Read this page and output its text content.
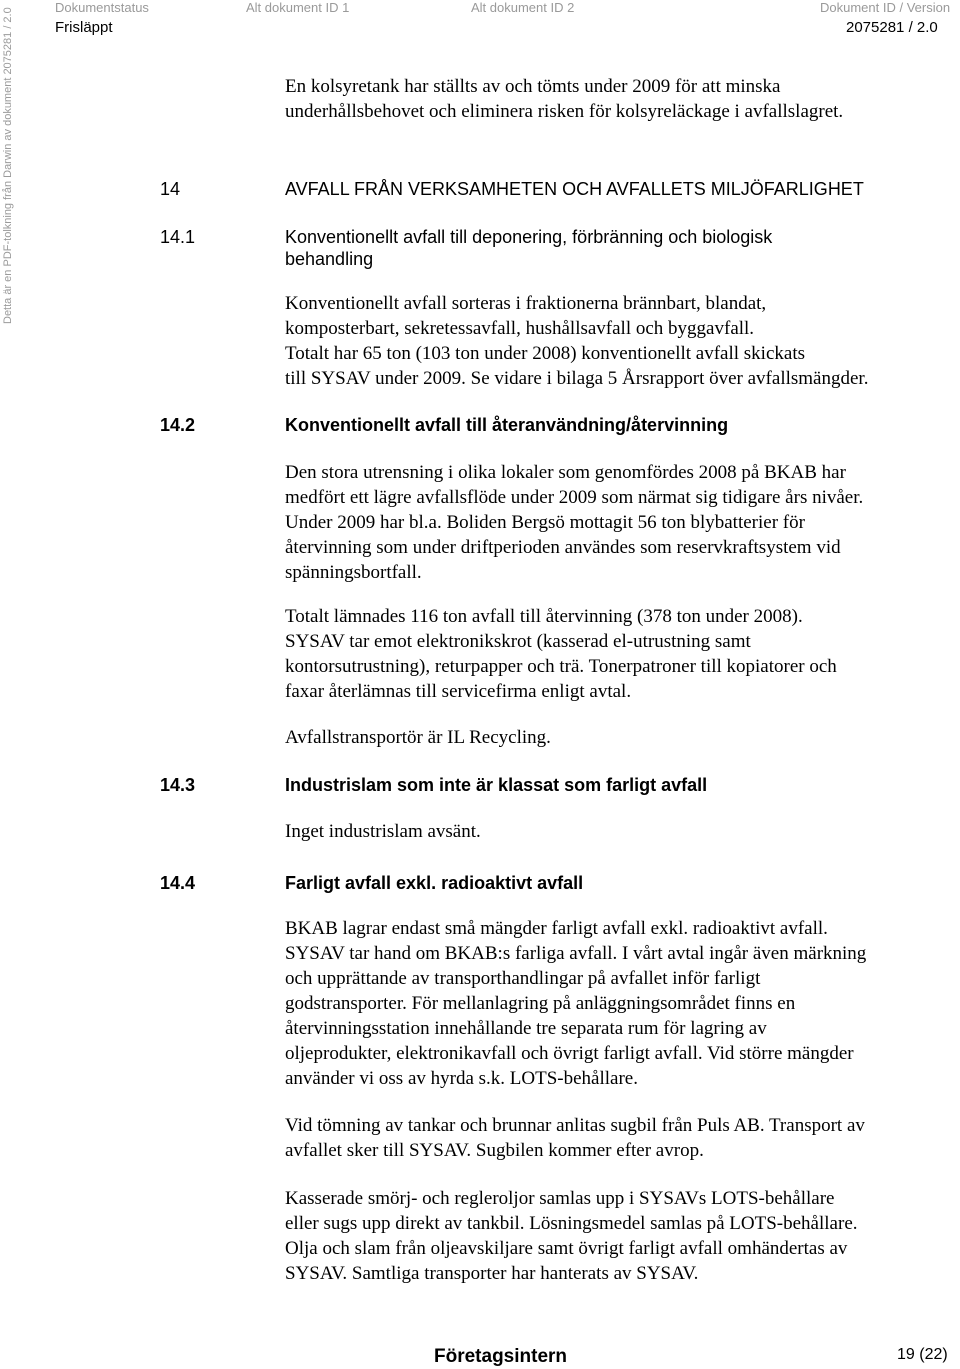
Dokumentstatus	Alt dokument ID 1	Alt dokument ID 2	Dokument ID / Version
Frisläppt	2075281 / 2.0
Detta är en PDF-tolkning från Darwin av dokument 2075281 / 2.0	En kolsyretank har ställts av och tömts under 2009 för att minska

underhållsbehovet och eliminera risken för kolsyreläckage i avfallslagret.

14	AVFALL FRÅN VERKSAMHETEN OCH AVFALLETS MILJÖFARLIGHET
14.1	Konventionellt avfall till deponering, förbränning och biologisk
behandling

Konventionellt avfall sorteras i fraktionerna brännbart, blandat,

komposterbart, sekretessavfall, hushållsavfall och byggavfall.

Totalt har 65 ton (103 ton under 2008) konventionellt avfall skickats

till SYSAV under 2009. Se vidare i bilaga 5 Årsrapport över avfallsmängder.

14.2	Konventionellt avfall till återanvändning/återvinning

Den stora utrensning i olika lokaler som genomfördes 2008 på BKAB har

medfört ett lägre avfallsflöde under 2009 som närmat sig tidigare års nivåer.

Under 2009 har bl.a. Boliden Bergsö mottagit 56 ton blybatterier för

återvinning som under driftperioden användes som reservkraftsystem vid

spänningsbortfall.

Totalt lämnades 116 ton avfall till återvinning (378 ton under 2008).

SYSAV tar emot elektronikskrot (kasserad el-utrustning samt

kontorsutrustning), returpapper och trä. Tonerpatroner till kopiatorer och

faxar återlämnas till servicefirma enligt avtal.

Avfallstransportör är IL Recycling.

14.3	Industrislam som inte är klassat som farligt avfall

Inget industrislam avsänt.

14.4	Farligt avfall exkl. radioaktivt avfall

BKAB lagrar endast små mängder farligt avfall exkl. radioaktivt avfall.

SYSAV tar hand om BKAB:s farliga avfall. I vårt avtal ingår även märkning

och upprättande av transporthandlingar på avfallet inför farligt

godstransporter. För mellanlagring på anläggningsområdet finns en

återvinningsstation innehållande tre separata rum för lagring av

oljeprodukter, elektronikavfall och övrigt farligt avfall. Vid större mängder

använder vi oss av hyrda s.k. LOTS-behållare.

Vid tömning av tankar och brunnar anlitas sugbil från Puls AB. Transport av

avfallet sker till SYSAV. Sugbilen kommer efter avrop.

Kasserade smörj- och regleroljor samlas upp i SYSAVs LOTS-behållare

eller sugs upp direkt av tankbil. Lösningsmedel samlas på LOTS-behållare.

Olja och slam från oljeavskiljare samt övrigt farligt avfall omhändertas av

SYSAV. Samtliga transporter har hanterats av SYSAV.

Företagsintern	19 (22)
